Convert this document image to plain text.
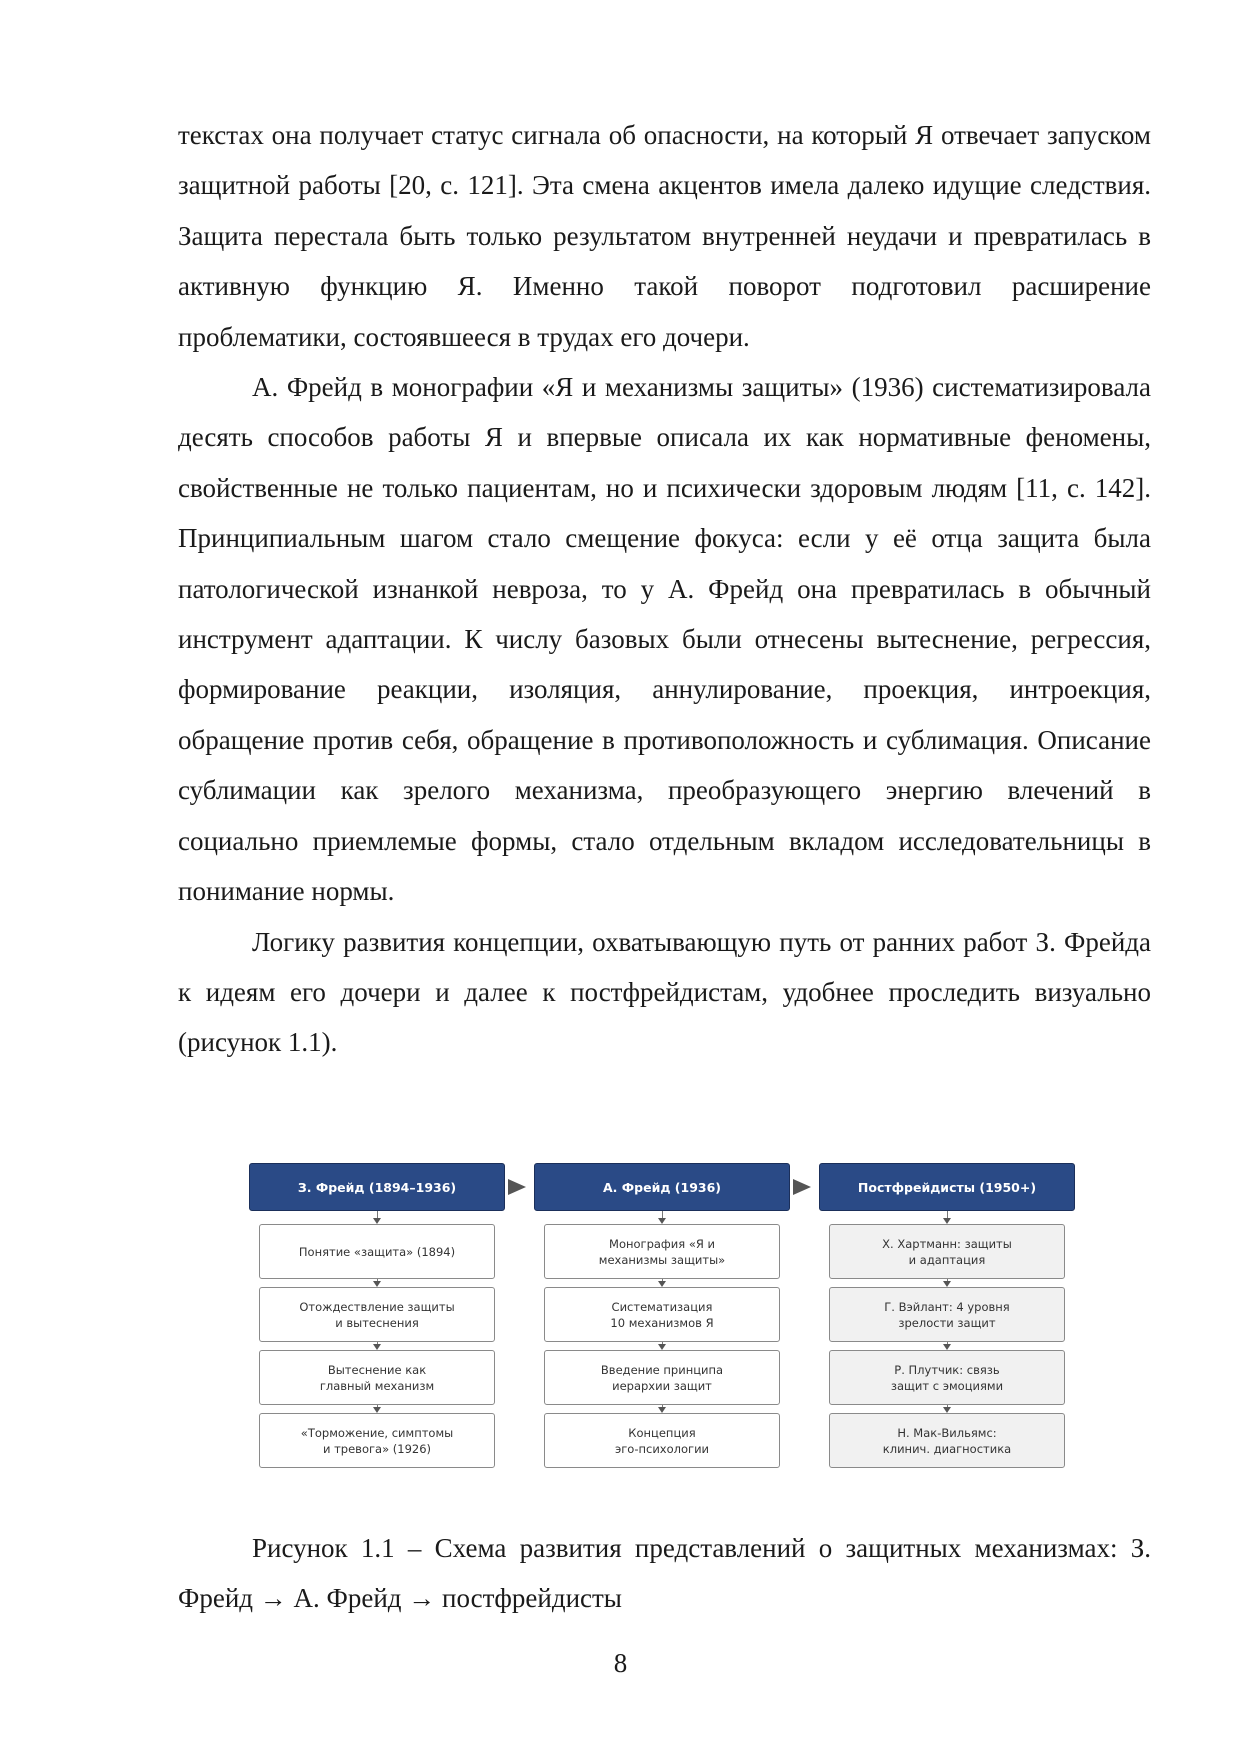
текстах она получает статус сигнала об опасности, на который Я отвечает запуском защитной работы [20, с. 121]. Эта смена акцентов имела далеко идущие следствия. Защита перестала быть только результатом внутренней неудачи и превратилась в активную функцию Я. Именно такой поворот подготовил расширение проблематики, состоявшееся в трудах его дочери.

А. Фрейд в монографии «Я и механизмы защиты» (1936) систематизировала десять способов работы Я и впервые описала их как нормативные феномены, свойственные не только пациентам, но и психически здоровым людям [11, с. 142]. Принципиальным шагом стало смещение фокуса: если у её отца защита была патологической изнанкой невроза, то у А. Фрейд она превратилась в обычный инструмент адаптации. К числу базовых были отнесены вытеснение, регрессия, формирование реакции, изоляция, аннулирование, проекция, интроекция, обращение против себя, обращение в противоположность и сублимация. Описание сублимации как зрелого механизма, преобразующего энергию влечений в социально приемлемые формы, стало отдельным вкладом исследовательницы в понимание нормы.

Логику развития концепции, охватывающую путь от ранних работ З. Фрейда к идеям его дочери и далее к постфрейдистам, удобнее проследить визуально (рисунок 1.1).

З. Фрейд (1894–1936)	А. Фрейд (1936)	Постфрейдисты (1950+)
Понятие «защита» (1894)
Отождествление защиты
и вытеснения
Вытеснение как
главный механизм
«Торможение, симптомы
и тревога» (1926)
Монография «Я и
механизмы защиты»
Систематизация
10 механизмов Я
Введение принципа
иерархии защит
Концепция
эго-психологии
Х. Хартманн: защиты
и адаптация
Г. Вэйлант: 4 уровня
зрелости защит
Р. Плутчик: связь
защит с эмоциями
Н. Мак-Вильямс:
клинич. диагностика

Рисунок 1.1 – Схема развития представлений о защитных механизмах: З. Фрейд → А. Фрейд → постфрейдисты

8
